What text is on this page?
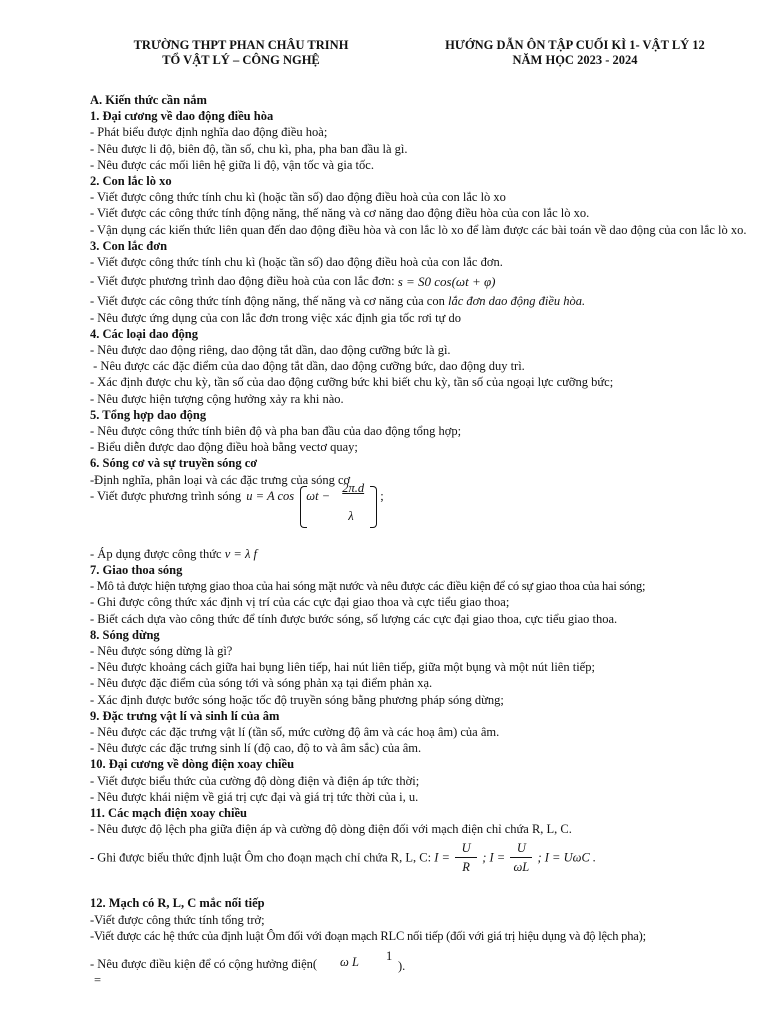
TRƯỜNG THPT PHAN CHÂU TRINH
TỔ VẬT LÝ – CÔNG NGHỆ
HƯỚNG DẪN ÔN TẬP CUỐI KÌ 1- VẬT LÝ 12
NĂM HỌC 2023 - 2024
A. Kiến thức cần nắm
1. Đại cương về dao động điều hòa
- Phát biểu được định nghĩa dao động điều hoà;
- Nêu được li độ, biên độ, tần số, chu kì, pha, pha ban đầu là gì.
- Nêu được các mối liên hệ giữa li độ, vận tốc và gia tốc.
2. Con lắc lò xo
- Viết được công thức tính chu kì (hoặc tần số) dao động điều hoà của con lắc lò xo
- Viết được các công thức tính động năng, thế năng và cơ năng dao động điều hòa của con lắc lò xo.
- Vận dụng các kiến thức liên quan đến dao động điều hòa và con lắc lò xo để làm được các bài toán về dao động của con lắc lò xo.
3. Con lắc đơn
- Viết được công thức tính chu kì (hoặc tần số) dao động điều hoà của con lắc đơn.
- Viết được phương trình dao động điều hoà của con lắc đơn: s = S0 cos(ωt + φ)
- Viết được các công thức tính động năng, thế năng và cơ năng của con lắc đơn dao động điều hòa.
- Nêu được ứng dụng của con lắc đơn trong việc xác định gia tốc rơi tự do
4. Các loại dao động
- Nêu được dao động riêng, dao động tắt dần, dao động cưỡng bức là gì.
- Nêu được các đặc điểm của dao động tắt dần, dao động cưỡng bức, dao động duy trì.
- Xác định được chu kỳ, tần số của dao động cưỡng bức khi biết chu kỳ, tần số của ngoại lực cưỡng bức;
- Nêu được hiện tượng cộng hưởng xảy ra khi nào.
5. Tổng hợp dao động
- Nêu được công thức tính biên độ và pha ban đầu của dao động tổng hợp;
- Biểu diễn được dao động điều hoà bằng vectơ quay;
6. Sóng cơ và sự truyền sóng cơ
-Định nghĩa, phân loại và các đặc trưng của sóng cơ
- Viết được phương trình sóng u = A cos ωt −
2π.d
λ
;
- Áp dụng được công thức v = λ f
7. Giao thoa sóng
- Mô tả được hiện tượng giao thoa của hai sóng mặt nước và nêu được các điều kiện để có sự giao thoa của hai sóng;
- Ghi được công thức xác định vị trí của các cực đại giao thoa và cực tiểu giao thoa;
- Biết cách dựa vào công thức để tính được bước sóng, số lượng các cực đại giao thoa, cực tiểu giao thoa.
8. Sóng dừng
- Nêu được sóng dừng là gì?
- Nêu được khoảng cách giữa hai bụng liên tiếp, hai nút liên tiếp, giữa một bụng và một nút liên tiếp;
- Nêu được đặc điểm của sóng tới và sóng phản xạ tại điểm phản xạ.
- Xác định được bước sóng hoặc tốc độ truyền sóng bằng phương pháp sóng dừng;
9. Đặc trưng vật lí và sinh lí của âm
- Nêu được các đặc trưng vật lí (tần số, mức cường độ âm và các hoạ âm) của âm.
- Nêu được các đặc trưng sinh lí (độ cao, độ to và âm sắc) của âm.
10. Đại cương về dòng điện xoay chiều
- Viết được biểu thức của cường độ dòng điện và điện áp tức thời;
- Nêu được khái niệm về giá trị cực đại và giá trị tức thời của i, u.
11. Các mạch điện xoay chiều
- Nêu được độ lệch pha giữa điện áp và cường độ dòng điện đối với mạch điện chỉ chứa R, L, C.
- Ghi được biểu thức định luật Ôm cho đoạn mạch chỉ chứa R, L, C: $I = \frac{U}{R}$ ; $I = \frac{U}{\omega L}$ ; I = UωC .
12. Mạch có R, L, C mắc nối tiếp
-Viết được công thức tính tổng trở;
-Viết được các hệ thức của định luật Ôm đối với đoạn mạch RLC nối tiếp (đối với giá trị hiệu dụng và độ lệch pha);
- Nêu được điều kiện để có cộng hưởng điện( ω L 1
).
=
